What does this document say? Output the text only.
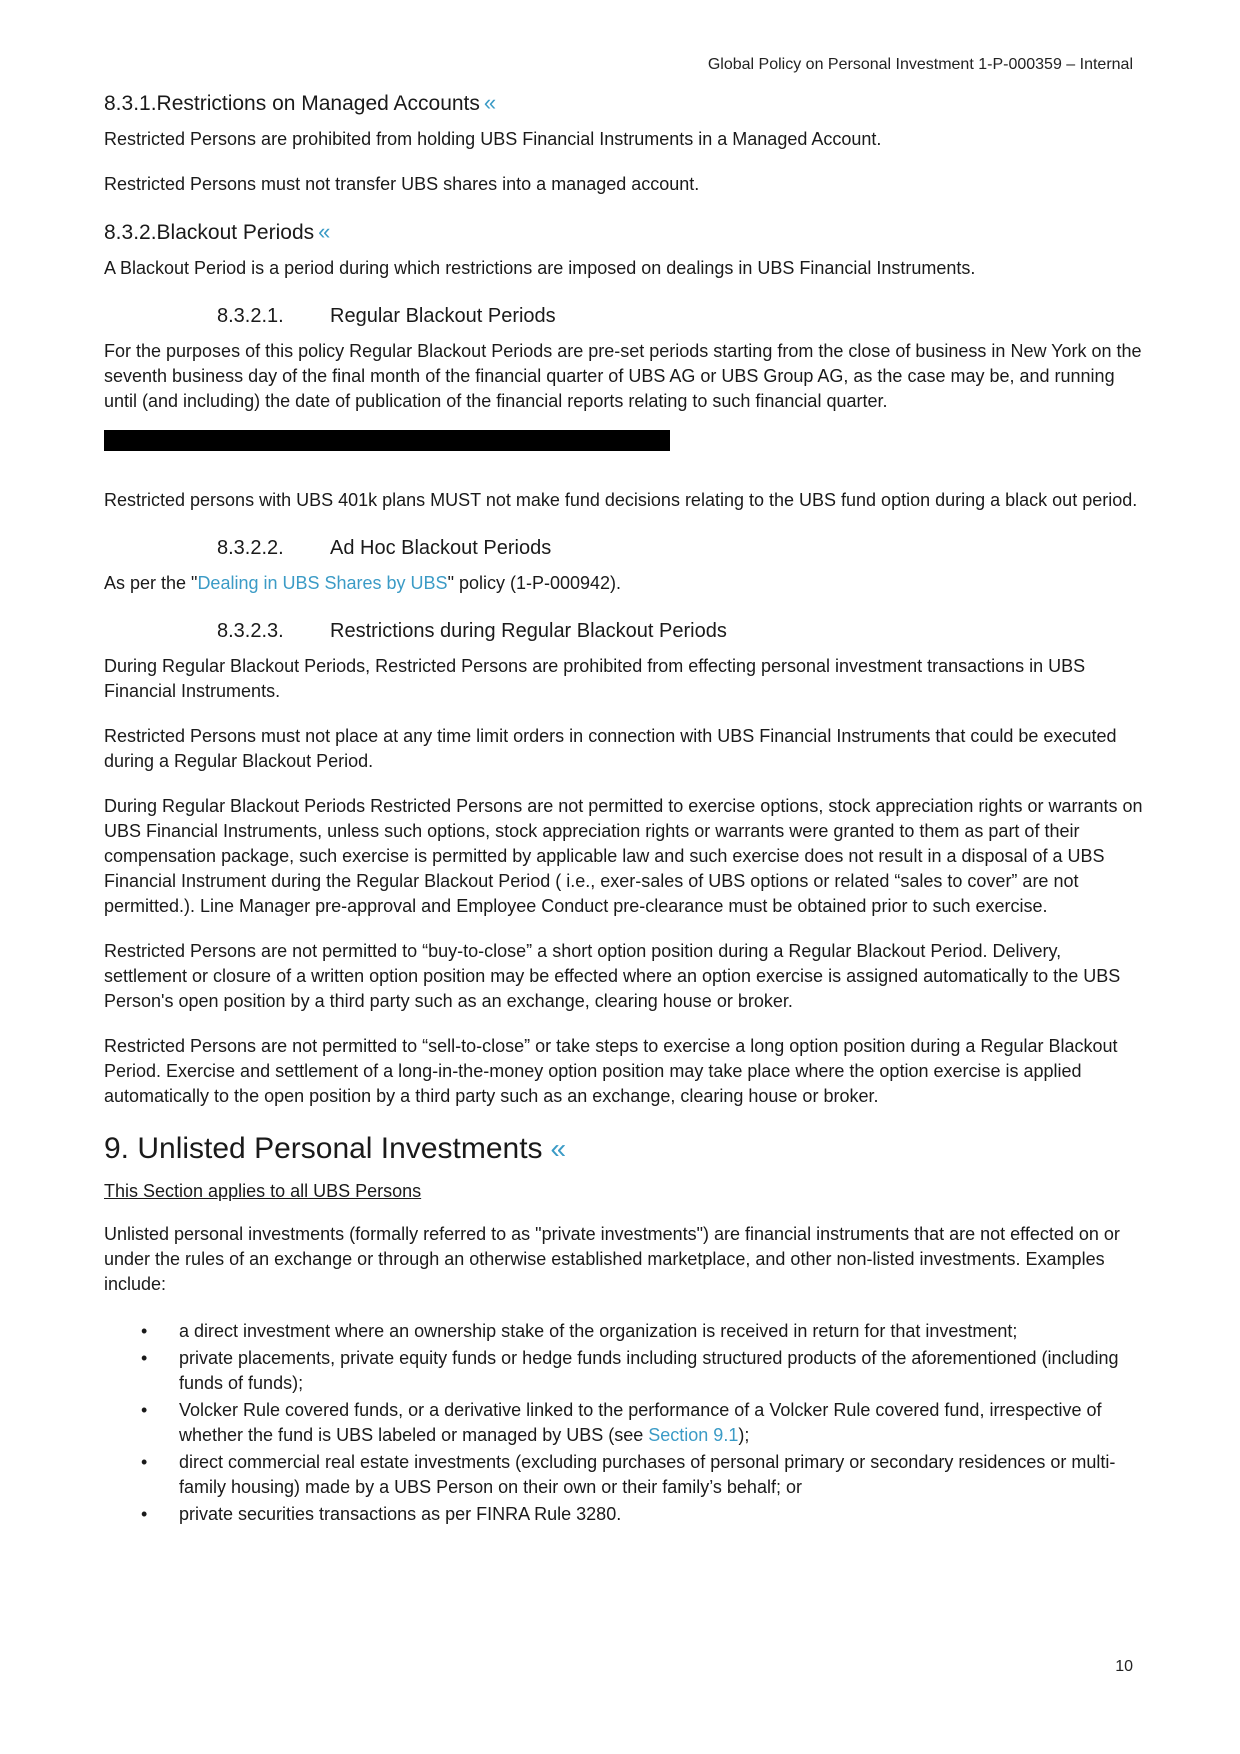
Global Policy on Personal Investment 1-P-000359 – Internal
8.3.1.Restrictions on Managed Accounts «

Restricted Persons are prohibited from holding UBS Financial Instruments in a Managed Account.

Restricted Persons must not transfer UBS shares into a managed account.

8.3.2.Blackout Periods «

A Blackout Period is a period during which restrictions are imposed on dealings in UBS Financial Instruments.

8.3.2.1. Regular Blackout Periods

For the purposes of this policy Regular Blackout Periods are pre-set periods starting from the close of business in New York on the seventh business day of the final month of the financial quarter of UBS AG or UBS Group AG, as the case may be, and running until (and including) the date of publication of the financial reports relating to such financial quarter.

Restricted persons with UBS 401k plans MUST not make fund decisions relating to the UBS fund option during a black out period.

8.3.2.2. Ad Hoc Blackout Periods

As per the "Dealing in UBS Shares by UBS" policy (1-P-000942).

8.3.2.3. Restrictions during Regular Blackout Periods

During Regular Blackout Periods, Restricted Persons are prohibited from effecting personal investment transactions in UBS Financial Instruments.

Restricted Persons must not place at any time limit orders in connection with UBS Financial Instruments that could be executed during a Regular Blackout Period.

During Regular Blackout Periods Restricted Persons are not permitted to exercise options, stock appreciation rights or warrants on UBS Financial Instruments, unless such options, stock appreciation rights or warrants were granted to them as part of their compensation package, such exercise is permitted by applicable law and such exercise does not result in a disposal of a UBS Financial Instrument during the Regular Blackout Period ( i.e., exer-sales of UBS options or related “sales to cover” are not permitted.). Line Manager pre-approval and Employee Conduct pre-clearance must be obtained prior to such exercise.

Restricted Persons are not permitted to “buy-to-close” a short option position during a Regular Blackout Period. Delivery, settlement or closure of a written option position may be effected where an option exercise is assigned automatically to the UBS Person's open position by a third party such as an exchange, clearing house or broker.

Restricted Persons are not permitted to “sell-to-close” or take steps to exercise a long option position during a Regular Blackout Period. Exercise and settlement of a long-in-the-money option position may take place where the option exercise is applied automatically to the open position by a third party such as an exchange, clearing house or broker.

9. Unlisted Personal Investments «

This Section applies to all UBS Persons

Unlisted personal investments (formally referred to as "private investments") are financial instruments that are not effected on or under the rules of an exchange or through an otherwise established marketplace, and other non-listed investments. Examples include:

• a direct investment where an ownership stake of the organization is received in return for that investment;
• private placements, private equity funds or hedge funds including structured products of the aforementioned (including funds of funds);
• Volcker Rule covered funds, or a derivative linked to the performance of a Volcker Rule covered fund, irrespective of whether the fund is UBS labeled or managed by UBS (see Section 9.1);
• direct commercial real estate investments (excluding purchases of personal primary or secondary residences or multi-family housing) made by a UBS Person on their own or their family’s behalf; or
• private securities transactions as per FINRA Rule 3280.
10
